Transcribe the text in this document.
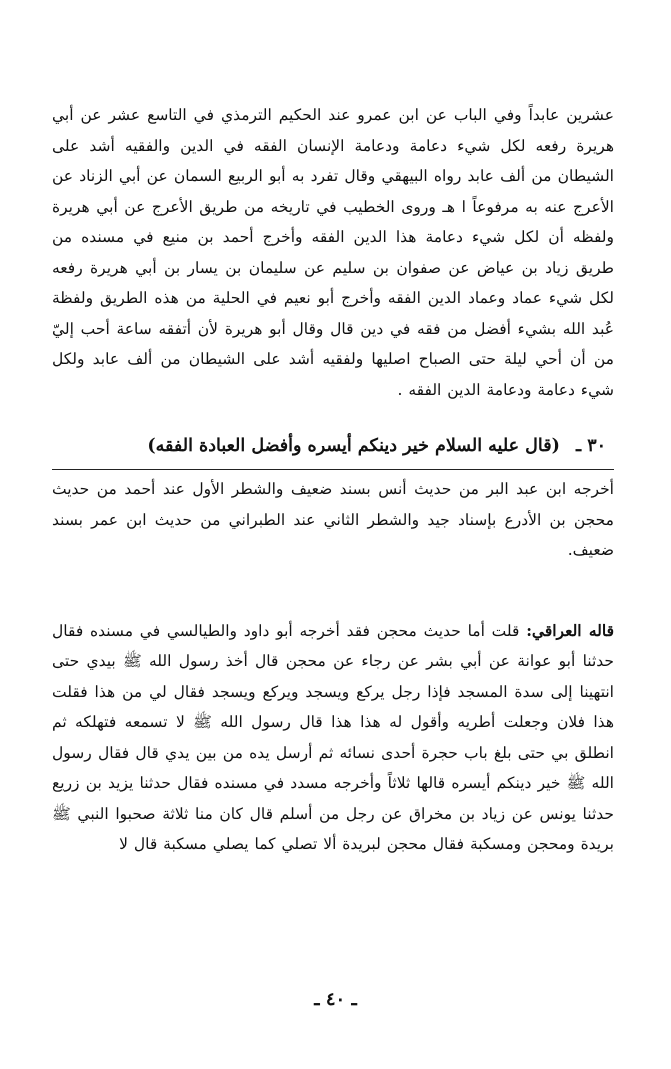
عشرين عابداً وفي الباب عن ابن عمرو عند الحكيم الترمذي في التاسع عشر عن أبي هريرة رفعه لكل شيء دعامة ودعامة الإنسان الفقه في الدين والفقيه أشد على الشيطان من ألف عابد رواه البيهقي وقال تفرد به أبو الربيع السمان عن أبي الزناد عن الأعرج عنه به مرفوعاً ا هـ وروى الخطيب في تاريخه من طريق الأعرج عن أبي هريرة ولفظه أن لكل شيء دعامة هذا الدين الفقه وأخرج أحمد بن منيع في مسنده من طريق زياد بن عياض عن صفوان بن سليم عن سليمان بن يسار بن أبي هريرة رفعه لكل شيء عماد وعماد الدين الفقه وأخرج أبو نعيم في الحلية من هذه الطريق ولفظة عُبد الله بشيء أفضل من فقه في دين قال وقال أبو هريرة لأن أتفقه ساعة أحب إليّ من أن أحي ليلة حتى الصباح اصليها ولفقيه أشد على الشيطان من ألف عابد ولكل شيء دعامة ودعامة الدين الفقه .

٣٠ ـ (قال عليه السلام خير دينكم أيسره وأفضل العبادة الفقه)

أخرجه ابن عبد البر من حديث أنس بسند ضعيف والشطر الأول عند أحمد من حديث محجن بن الأدرع بإسناد جيد والشطر الثاني عند الطبراني من حديث ابن عمر بسند ضعيف.

قاله العراقي: قلت أما حديث محجن فقد أخرجه أبو داود والطيالسي في مسنده فقال حدثنا أبو عوانة عن أبي بشر عن رجاء عن محجن قال أخذ رسول الله ﷺ بيدي حتى انتهينا إلى سدة المسجد فإذا رجل يركع ويسجد ويركع ويسجد فقال لي من هذا فقلت هذا فلان وجعلت أطريه وأقول له هذا هذا قال رسول الله ﷺ لا تسمعه فتهلكه ثم انطلق بي حتى بلغ باب حجرة أحدى نسائه ثم أرسل يده من بين يدي قال فقال رسول الله ﷺ خير دينكم أيسره قالها ثلاثاً وأخرجه مسدد في مسنده فقال حدثنا يزيد بن زريع حدثنا يونس عن زياد بن مخراق عن رجل من أسلم قال كان منا ثلاثة صحبوا النبي ﷺ بريدة ومحجن ومسكبة فقال محجن لبريدة ألا تصلي كما يصلي مسكبة قال لا

ـ ٤٠ ـ
